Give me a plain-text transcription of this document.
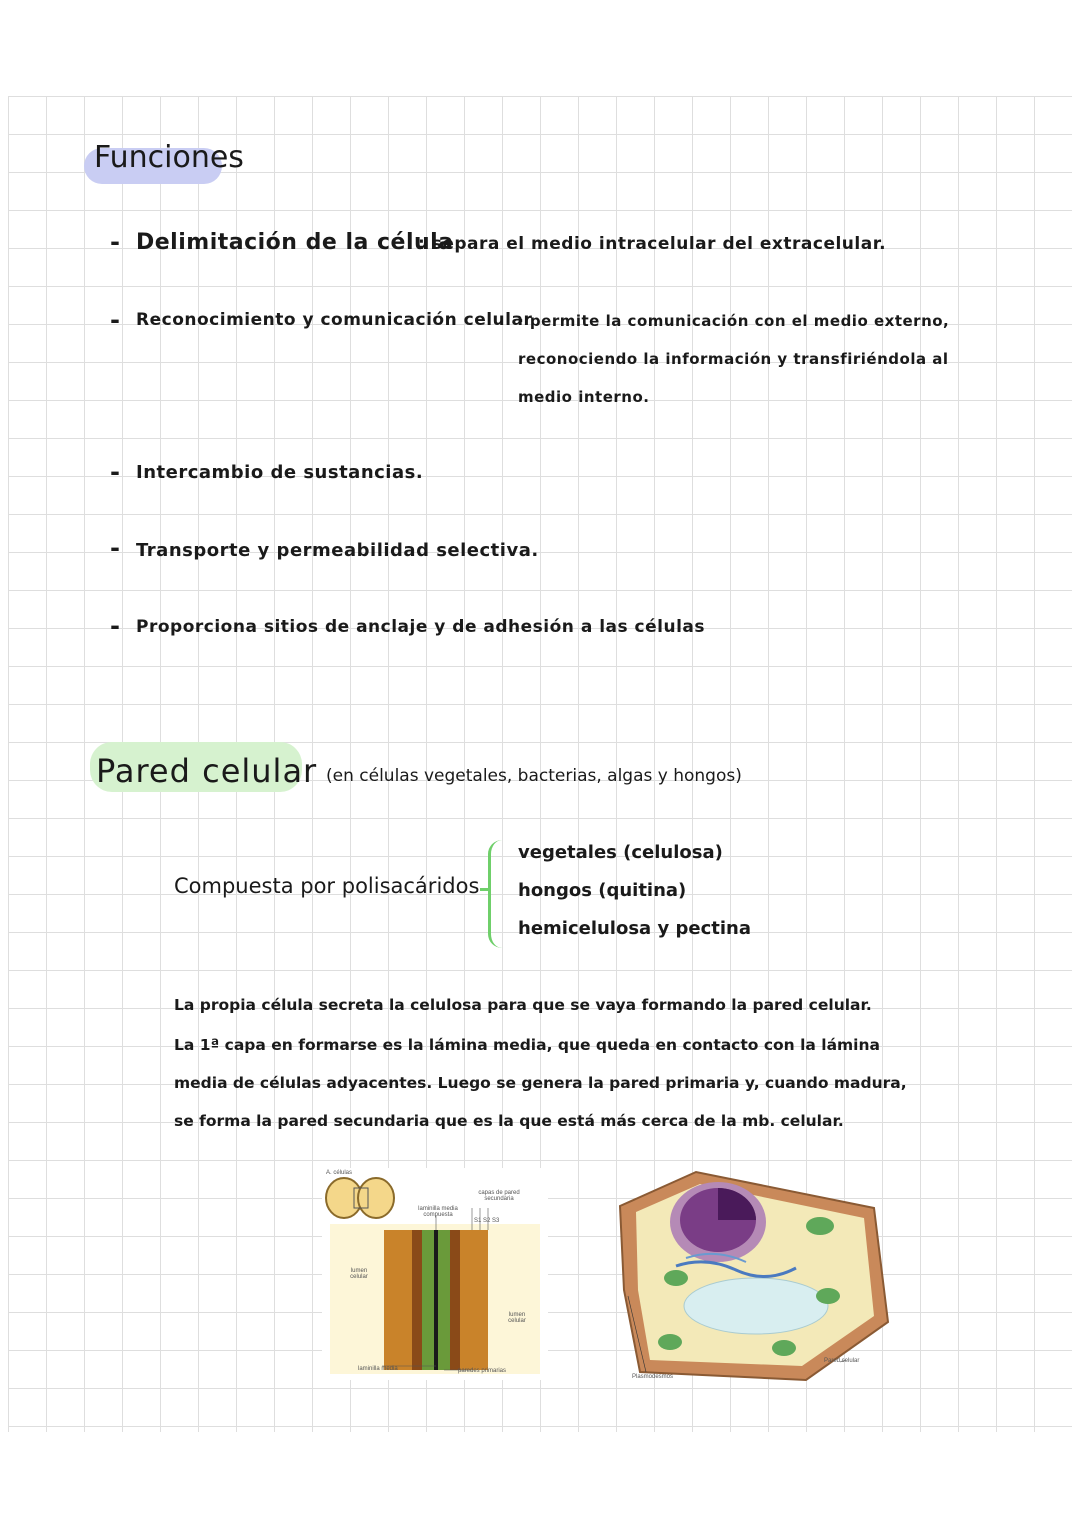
Funciones
- Delimitación de la célula
: separa el medio intracelular del extracelular.
- Reconocimiento y comunicación celular
· permite la comunicación con el medio externo,
reconociendo la información y transfiriéndola al
medio interno.
- Intercambio de sustancias.
- Transporte y permeabilidad selectiva.
- Proporciona sitios de anclaje y de adhesión a las células
Pared celular (en células vegetales, bacterias, algas y hongos)
Compuesta por polisacáridos
vegetales (celulosa)
hongos (quitina)
hemicelulosa y pectina
La propia célula secreta la celulosa para que se vaya formando la pared celular.
La 1ª capa en formarse es la lámina media, que queda en contacto con la lámina
media de células adyacentes. Luego se genera la pared primaria y, cuando madura,
se forma la pared secundaria que es la que está más cerca de la mb. celular.
A. células
capas de pared secundaria
laminilla media compuesta
S1 S2 S3
lumen celular
lumen celular
laminilla media	paredes primarias
Plasmodesmos
Pared celular
